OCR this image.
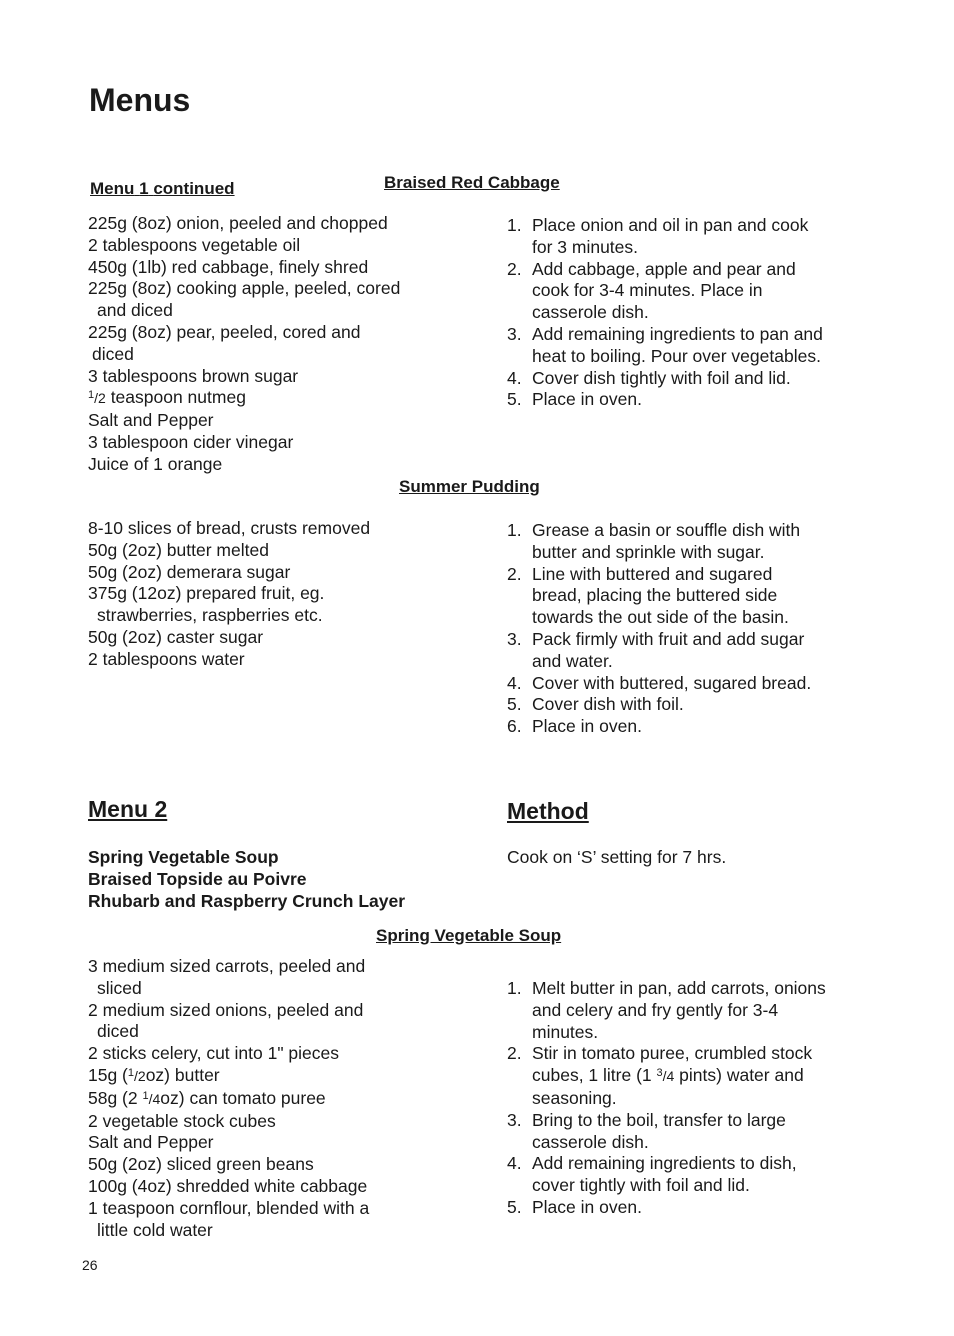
Menus
Menu 1 continued	Braised Red Cabbage
225g (8oz) onion, peeled and chopped
2 tablespoons vegetable oil
450g (1lb) red cabbage, finely shred
225g (8oz) cooking apple, peeled, cored
and diced
225g (8oz) pear, peeled, cored and
diced
3 tablespoons brown sugar
$^1$/2 teaspoon nutmeg
Salt and Pepper
3 tablespoon cider vinegar
Juice of 1 orange
1. Place onion and oil in pan and cook
for 3 minutes.
2. Add cabbage, apple and pear and
cook for 3-4 minutes. Place in
casserole dish.
3. Add remaining ingredients to pan and
heat to boiling. Pour over vegetables.
4. Cover dish tightly with foil and lid.
5. Place in oven.
Summer Pudding
8-10 slices of bread, crusts removed
50g (2oz) butter melted
50g (2oz) demerara sugar
375g (12oz) prepared fruit, eg.
strawberries, raspberries etc.
50g (2oz) caster sugar
2 tablespoons water
1. Grease a basin or souffle dish with
butter and sprinkle with sugar.
2. Line with buttered and sugared
bread, placing the buttered side
towards the out side of the basin.
3. Pack firmly with fruit and add sugar
and water.
4. Cover with buttered, sugared bread.
5. Cover dish with foil.
6. Place in oven.
Menu 2
Spring Vegetable Soup
Braised Topside au Poivre
Rhubarb and Raspberry Crunch Layer
Method
Cook on ‘S’ setting for 7 hrs.
Spring Vegetable Soup
3 medium sized carrots, peeled and
sliced
2 medium sized onions, peeled and
diced
2 sticks celery, cut into 1" pieces
15g ($^1$/2oz) butter
58g (2 $^1$/4oz) can tomato puree
2 vegetable stock cubes
Salt and Pepper
50g (2oz) sliced green beans
100g (4oz) shredded white cabbage
1 teaspoon cornflour, blended with a
little cold water
1. Melt butter in pan, add carrots, onions
and celery and fry gently for 3-4
minutes.
2. Stir in tomato puree, crumbled stock
cubes, 1 litre (1 $^3$/4 pints) water and
seasoning.
3. Bring to the boil, transfer to large
casserole dish.
4. Add remaining ingredients to dish,
cover tightly with foil and lid.
5. Place in oven.
26
